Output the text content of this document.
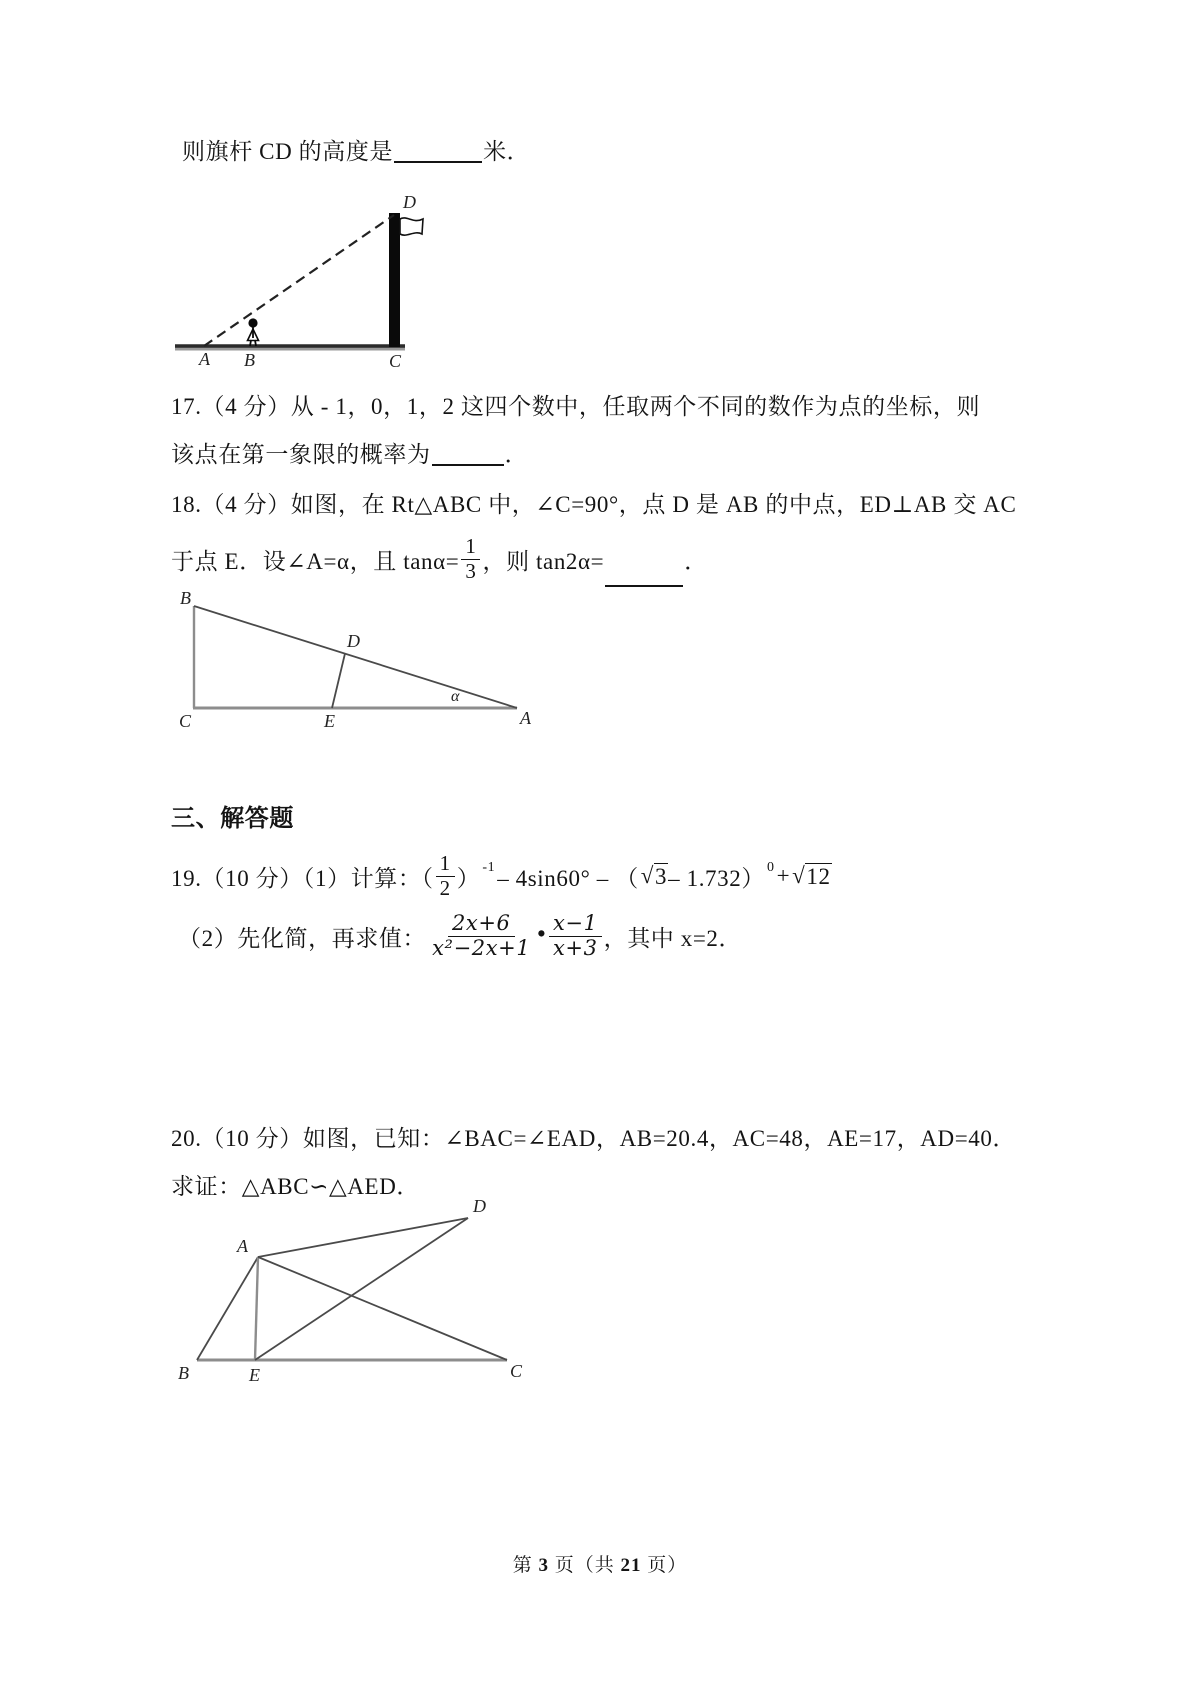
则旗杆 CD 的高度是	米．
A B	C
D
17.（4 分）从 - 1，0，1，2 这四个数中，任取两个不同的数作为点的坐标，则
该点在第一象限的概率为	．
18.（4 分）如图，在 Rt△ABC 中，∠C=90°，点 D 是 AB 的中点，ED⊥AB 交 AC
于点 E．设∠A=α，且 $\tan\alpha= \frac{1}{3}$ ，则 tan2α=	．
B
C	A
D
E
α
三、解答题
19.（10 分）（1）计算：（ $\frac{1}{2}$ ） -1 – 4sin60° – （ √ 3 – 1.732） 0 + √ 12
（2）先化简，再求值： $\frac{2x+6}{\text{x²−2x+1}}$ • $\frac{x-1}{x+3}$ ，其中 x=2．
20.（10 分）如图，已知：∠BAC=∠EAD，AB=20.4，AC=48，AE=17，AD=40．
求证：△ABC∽△AED．
A
D
B	E	C
第 3 页（共 21 页）
